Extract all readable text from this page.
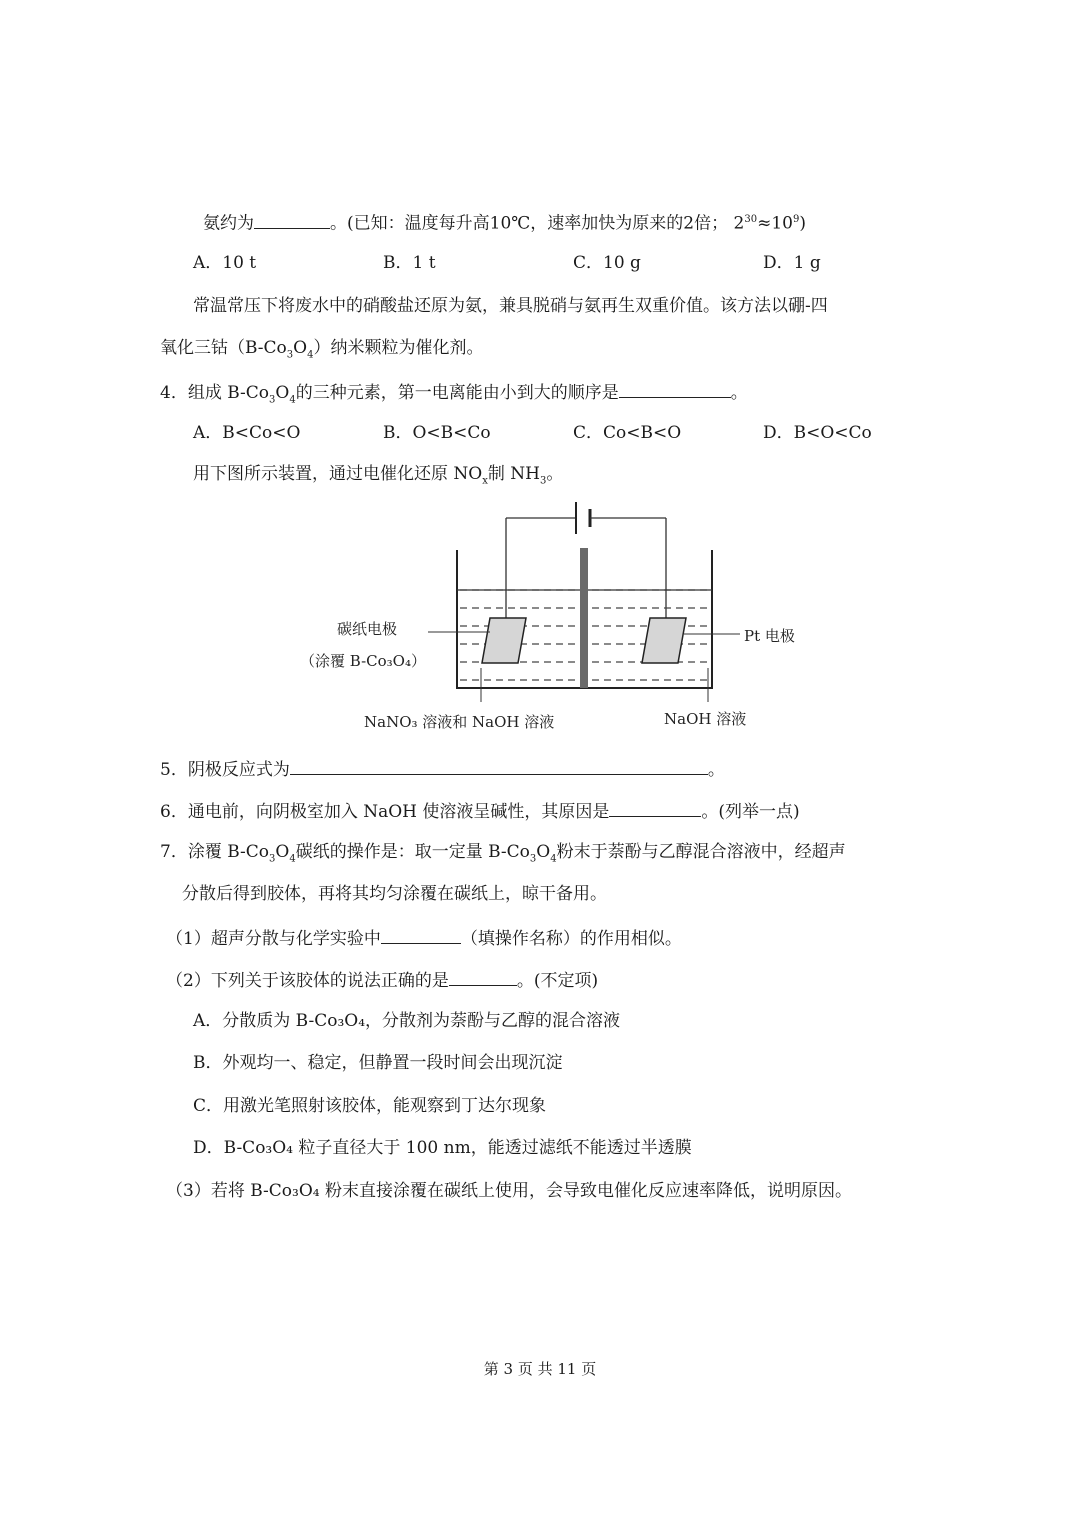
氨约为	。(已知：温度每升高10℃，速率加快为原来的2倍； $2^{30}\approx 10^9$)
A．10 t	B．1 t	C．10 g	D．1 g
常温常压下将废水中的硝酸盐还原为氨，兼具脱硝与氨再生双重价值。该方法以硼-四
氧化三钴$(B-Co_3O_4)$纳米颗粒为催化剂。
4．组成 $B-Co_3O_4$的三种元素，第一电离能由小到大的顺序是	。
A．B<Co<O	B．O<B<Co	C．Co<B<O	D．B<O<Co
用下图所示装置，通过电催化还原 $NO_x$制 $NH_3$。
碳纸电极
（涂覆 B-Co₃O₄）
Pt 电极
NaNO₃ 溶液和 NaOH 溶液	NaOH 溶液
5．阴极反应式为	。
6．通电前，向阴极室加入 NaOH 使溶液呈碱性，其原因是	。(列举一点)
7．涂覆 $B-Co_3O_4$碳纸的操作是：取一定量 $B-Co_3O_4$粉末于萘酚与乙醇混合溶液中，经超声
分散后得到胶体，再将其均匀涂覆在碳纸上，晾干备用。
（1）超声分散与化学实验中	（填操作名称）的作用相似。
（2）下列关于该胶体的说法正确的是	。(不定项)
A．分散质为 B-Co₃O₄，分散剂为萘酚与乙醇的混合溶液
B．外观均一、稳定，但静置一段时间会出现沉淀
C．用激光笔照射该胶体，能观察到丁达尔现象
D．B-Co₃O₄ 粒子直径大于 100 nm，能透过滤纸不能透过半透膜
（3）若将 B-Co₃O₄ 粉末直接涂覆在碳纸上使用，会导致电催化反应速率降低，说明原因。
第 3 页 共 11 页
